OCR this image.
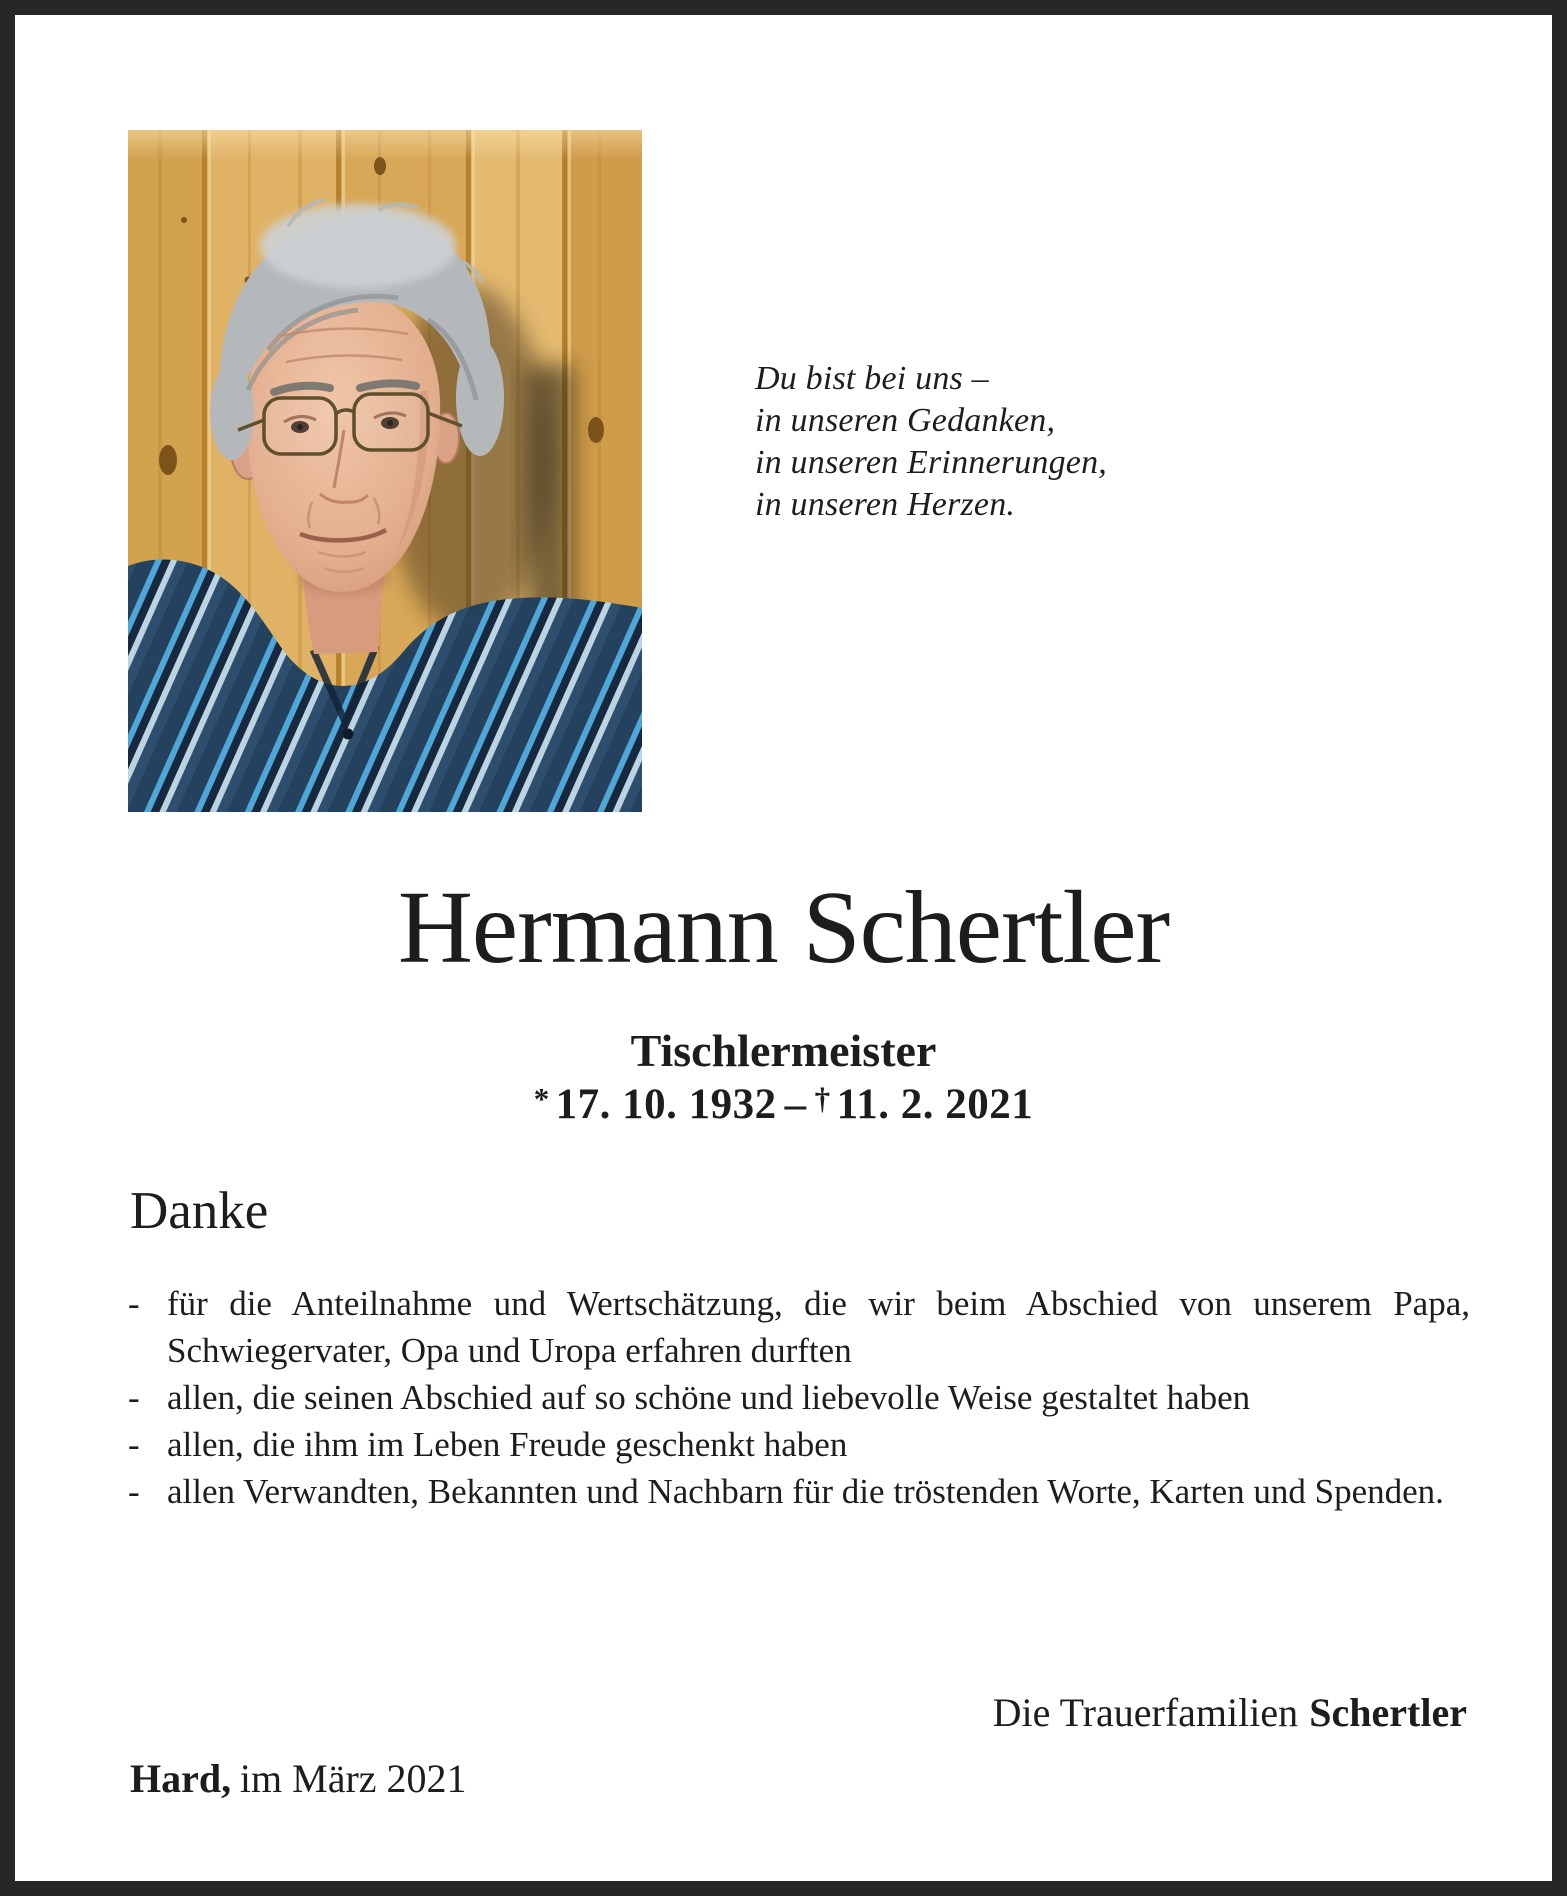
Du bist bei uns –
in unseren Gedanken,
in unseren Erinnerungen,
in unseren Herzen.
Hermann Schertler
Tischlermeister
* 17. 10. 1932 – † 11. 2. 2021
Danke
- für die Anteilnahme und Wertschätzung, die wir beim Abschied von unserem Papa, Schwiegervater, Opa und Uropa erfahren durften
- allen, die seinen Abschied auf so schöne und liebevolle Weise gestaltet haben
- allen, die ihm im Leben Freude geschenkt haben
- allen Verwandten, Bekannten und Nachbarn für die tröstenden Worte, Karten und Spenden.
Die Trauerfamilien Schertler
Hard, im März 2021
